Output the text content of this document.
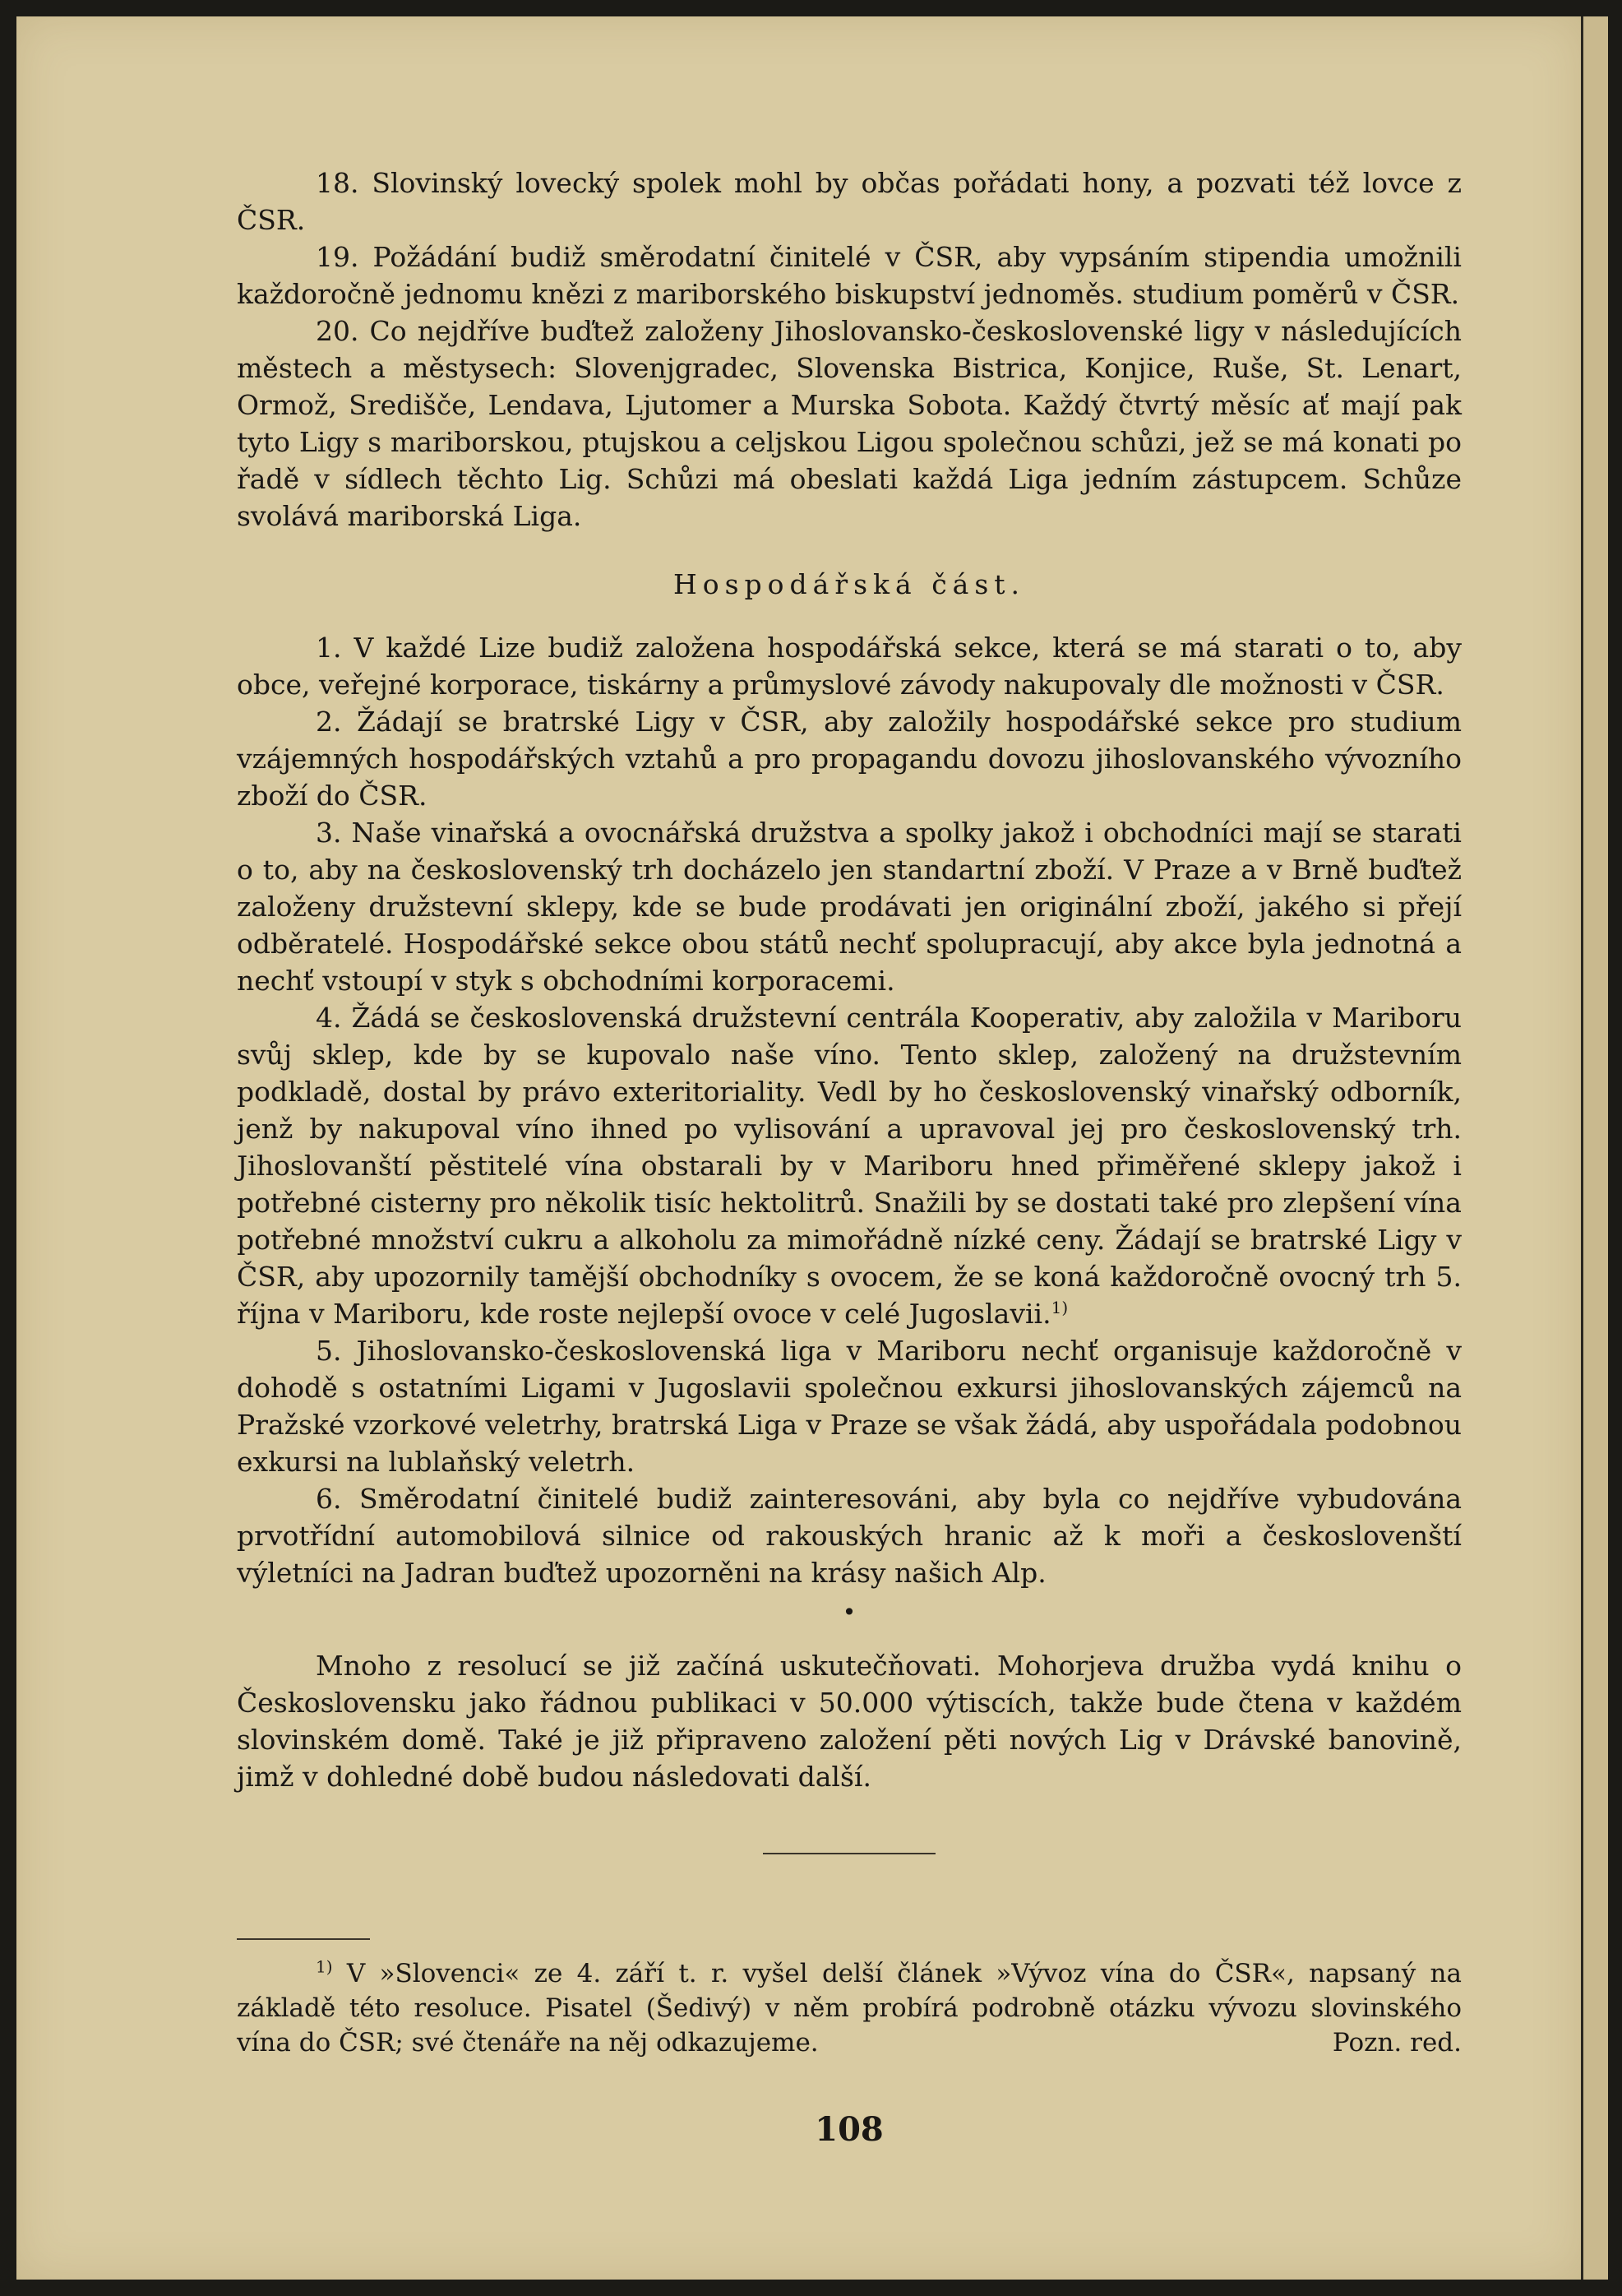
18. Slovinský lovecký spolek mohl by občas pořádati hony, a pozvati též lovce z ČSR.

19. Požádání budiž směrodatní činitelé v ČSR, aby vypsáním stipendia umožnili každoročně jednomu knězi z mariborského biskupství jednoměs. studium poměrů v ČSR.

20. Co nejdříve buďtež založeny Jihoslovansko-československé ligy v následujících městech a městysech: Slovenjgradec, Slovenska Bistrica, Konjice, Ruše, St. Lenart, Ormož, Središče, Lendava, Ljutomer a Murska Sobota. Každý čtvrtý měsíc ať mají pak tyto Ligy s mariborskou, ptujskou a celjskou Ligou společnou schůzi, jež se má konati po řadě v sídlech těchto Lig. Schůzi má obeslati každá Liga jedním zástupcem. Schůze svolává mariborská Liga.

Hospodářská část.

1. V každé Lize budiž založena hospodářská sekce, která se má starati o to, aby obce, veřejné korporace, tiskárny a průmyslové závody nakupovaly dle možnosti v ČSR.

2. Žádají se bratrské Ligy v ČSR, aby založily hospodářské sekce pro studium vzájemných hospodářských vztahů a pro propagandu dovozu jihoslovanského vývozního zboží do ČSR.

3. Naše vinařská a ovocnářská družstva a spolky jakož i obchodníci mají se starati o to, aby na československý trh docházelo jen standartní zboží. V Praze a v Brně buďtež založeny družstevní sklepy, kde se bude prodávati jen originální zboží, jakého si přejí odběratelé. Hospodářské sekce obou států nechť spolupracují, aby akce byla jednotná a nechť vstoupí v styk s obchodními korporacemi.

4. Žádá se československá družstevní centrála Kooperativ, aby založila v Mariboru svůj sklep, kde by se kupovalo naše víno. Tento sklep, založený na družstevním podkladě, dostal by právo exteritoriality. Vedl by ho československý vinařský odborník, jenž by nakupoval víno ihned po vylisování a upravoval jej pro československý trh. Jihoslovanští pěstitelé vína obstarali by v Mariboru hned přiměřené sklepy jakož i potřebné cisterny pro několik tisíc hektolitrů. Snažili by se dostati také pro zlepšení vína potřebné množství cukru a alkoholu za mimořádně nízké ceny. Žádají se bratrské Ligy v ČSR, aby upozornily tamější obchodníky s ovocem, že se koná každoročně ovocný trh 5. října v Mariboru, kde roste nejlepší ovoce v celé Jugoslavii.$^{1)}$

5. Jihoslovansko-československá liga v Mariboru nechť organisuje každoročně v dohodě s ostatními Ligami v Jugoslavii společnou exkursi jihoslovanských zájemců na Pražské vzorkové veletrhy, bratrská Liga v Praze se však žádá, aby uspořádala podobnou exkursi na lublaňský veletrh.

6. Směrodatní činitelé budiž zainteresováni, aby byla co nejdříve vybudována prvotřídní automobilová silnice od rakouských hranic až k moři a českoslovenští výletníci na Jadran buďtež upozorněni na krásy našich Alp.

•

Mnoho z resolucí se již začíná uskutečňovati. Mohorjeva družba vydá knihu o Československu jako řádnou publikaci v 50.000 výtiscích, takže bude čtena v každém slovinském domě. Také je již připraveno založení pěti nových Lig v Drávské banovině, jimž v dohledné době budou následovati další.

$^{1)}$ V »Slovenci« ze 4. září t. r. vyšel delší článek »Vývoz vína do ČSR«, napsaný na základě této resoluce. Pisatel (Šedivý) v něm probírá podrobně otázku vývozu slovinského vína do ČSR; své čtenáře na něj odkazujeme.	Pozn. red.

108
